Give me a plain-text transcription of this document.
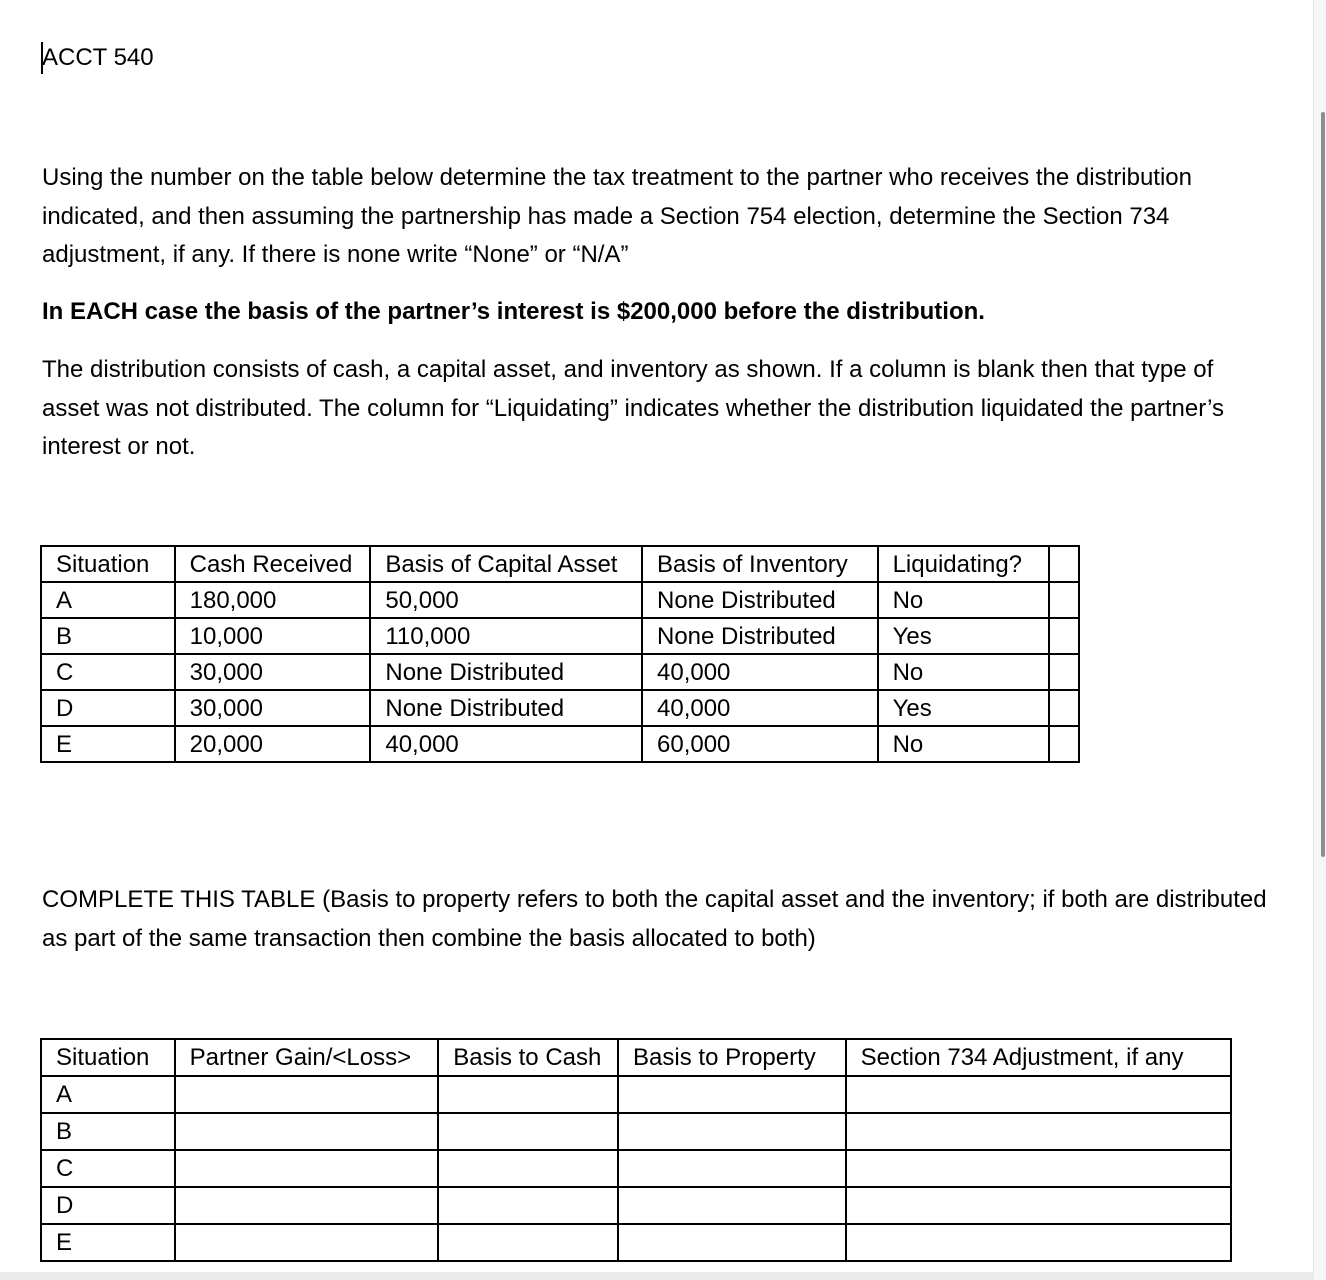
ACCT 540

Using the number on the table below determine the tax treatment to the partner who receives the distribution indicated, and then assuming the partnership has made a Section 754 election, determine the Section 734 adjustment, if any. If there is none write “None” or “N/A”

In EACH case the basis of the partner’s interest is $200,000 before the distribution.

The distribution consists of cash, a capital asset, and inventory as shown. If a column is blank then that type of asset was not distributed. The column for “Liquidating” indicates whether the distribution liquidated the partner’s interest or not.

Situation	Cash Received	Basis of Capital Asset	Basis of Inventory	Liquidating?	
A	180,000	50,000	None Distributed	No	
B	10,000	110,000	None Distributed	Yes	
C	30,000	None Distributed	40,000	No	
D	30,000	None Distributed	40,000	Yes	
E	20,000	40,000	60,000	No	

COMPLETE THIS TABLE (Basis to property refers to both the capital asset and the inventory; if both are distributed as part of the same transaction then combine the basis allocated to both)

Situation	Partner Gain/<Loss>	Basis to Cash	Basis to Property	Section 734 Adjustment, if any
A				
B				
C				
D				
E				
